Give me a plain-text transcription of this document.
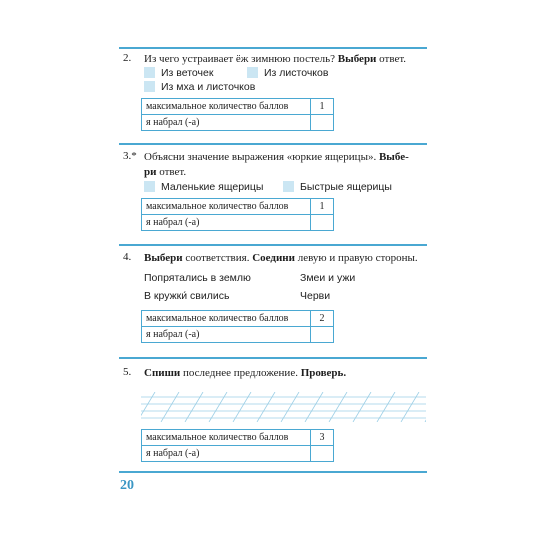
2. Из чего устраивает ёж зимнюю постель? Выбери ответ.
Из веточек	Из листочков
Из мха и листочков
максимальное количество баллов	1
я набрал (-а)	
3.* Объясни значение выражения «юркие ящерицы». Выбе-
ри ответ.
Маленькие ящерицы	Быстрые ящерицы
максимальное количество баллов	1
я набрал (-а)	
4. Выбери соответствия. Соедини левую и правую стороны.
Попрятались в землю
В кружки́ свились
Змеи и ужи
Черви
максимальное количество баллов	2
я набрал (-а)	
5. Спиши последнее предложение. Проверь.
максимальное количество баллов	3
я набрал (-а)	
20
